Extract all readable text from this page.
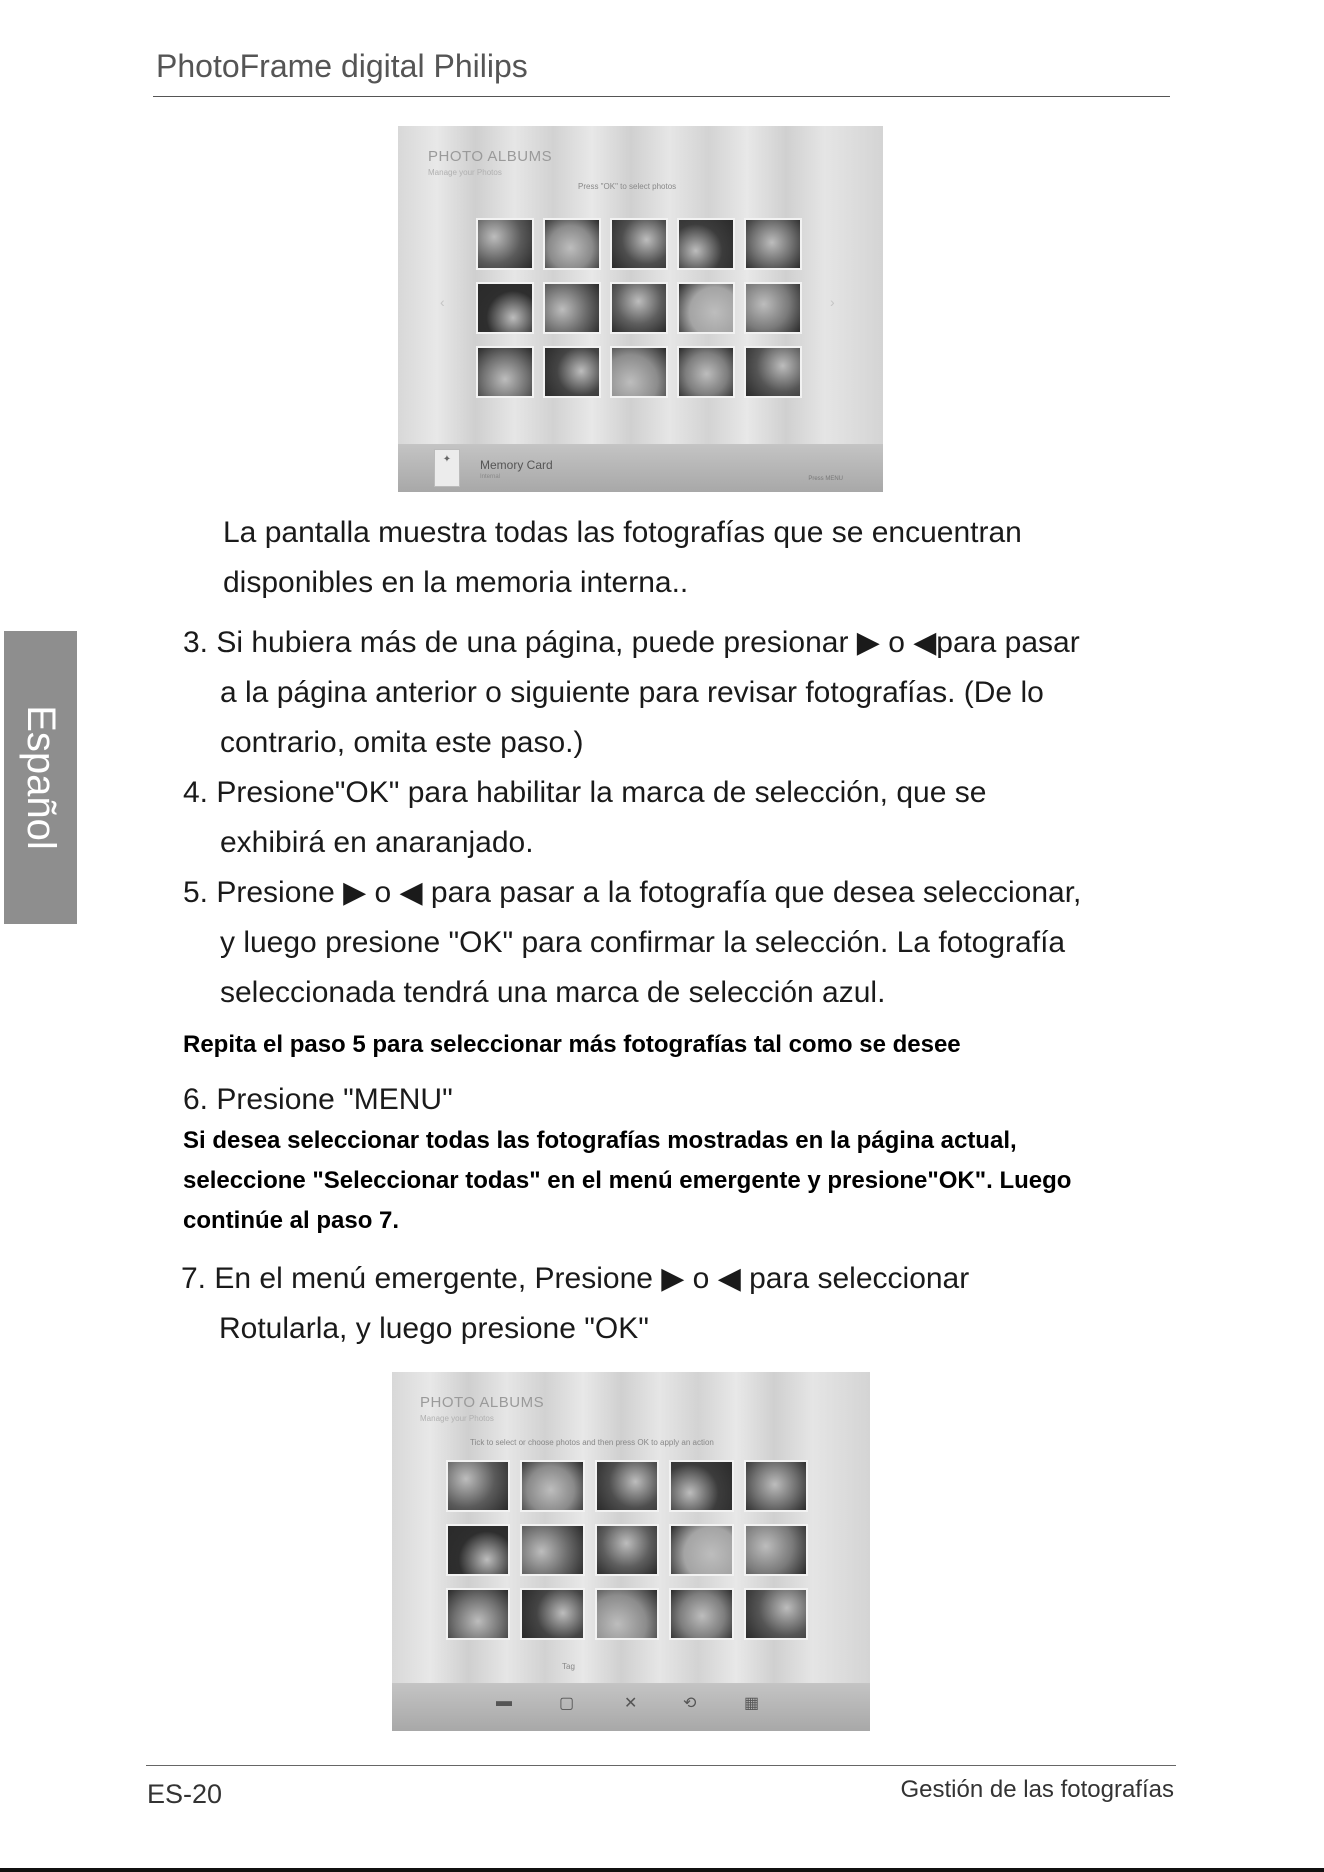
PhotoFrame digital Philips
Español
PHOTO ALBUMS
Manage your Photos
Press "OK" to select photos
‹	›
✦	Memory Card
Internal	Press MENU
La pantalla muestra todas las fotografías que se encuentran
disponibles en la memoria interna..
3. Si hubiera más de una página, puede presionar ▶ o ◀para pasar
a la página anterior o siguiente para revisar fotografías. (De lo
contrario, omita este paso.)
4. Presione"OK" para habilitar la marca de selección, que se
exhibirá en anaranjado.
5. Presione ▶ o ◀ para pasar a la fotografía que desea seleccionar,
y luego presione "OK" para confirmar la selección. La fotografía
seleccionada tendrá una marca de selección azul.
Repita el paso 5 para seleccionar más fotografías tal como se desee
6. Presione "MENU"
Si desea seleccionar todas las fotografías mostradas en la página actual,
seleccione "Seleccionar todas" en el menú emergente y presione"OK". Luego
continúe al paso 7.
7. En el menú emergente, Presione ▶ o ◀ para seleccionar
Rotularla, y luego presione "OK"
PHOTO ALBUMS
Manage your Photos
Tick to select or choose photos and then press OK to apply an action
Tag
▬	▢	✕	⟲	▦
ES-20	Gestión de las fotografías
